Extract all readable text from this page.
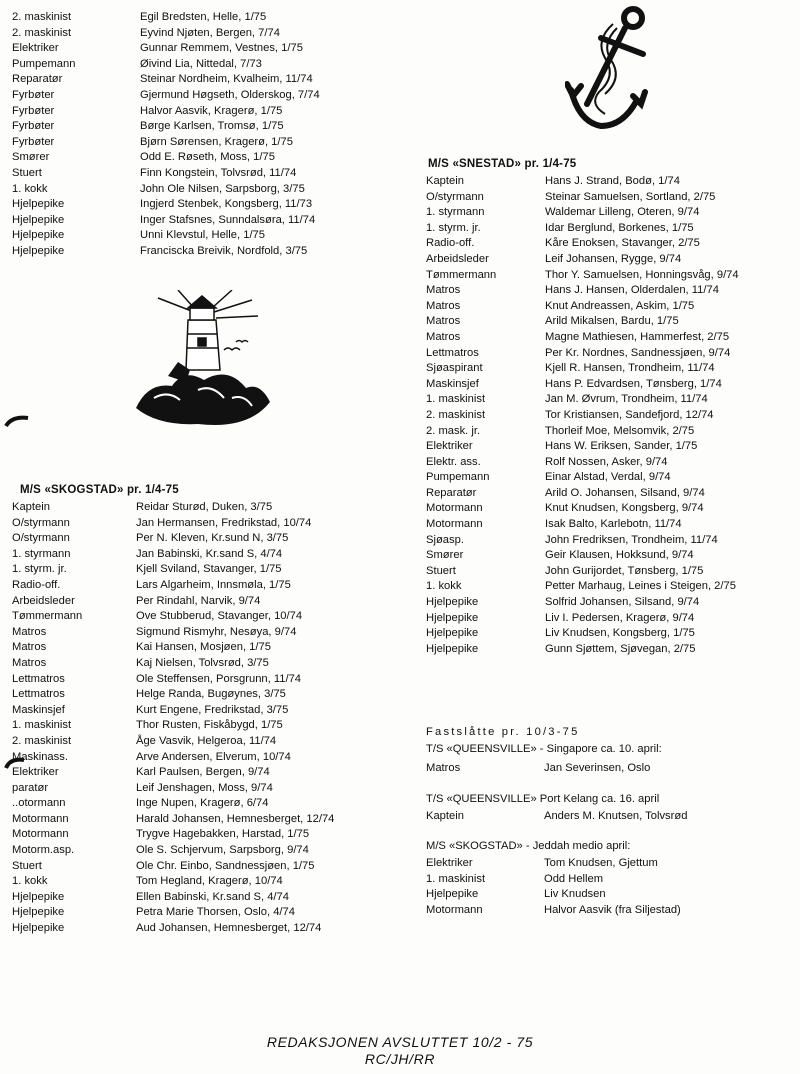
2. maskinist	Egil Bredsten, Helle, 1/75
2. maskinist	Eyvind Njøten, Bergen, 7/74
Elektriker	Gunnar Remmem, Vestnes, 1/75
Pumpemann	Øivind Lia, Nittedal, 7/73
Reparatør	Steinar Nordheim, Kvalheim, 11/74
Fyrbøter	Gjermund Høgseth, Olderskog, 7/74
Fyrbøter	Halvor Aasvik, Kragerø, 1/75
Fyrbøter	Børge Karlsen, Tromsø, 1/75
Fyrbøter	Bjørn Sørensen, Kragerø, 1/75
Smører	Odd E. Røseth, Moss, 1/75
Stuert	Finn Kongstein, Tolvsrød, 11/74
1. kokk	John Ole Nilsen, Sarpsborg, 3/75
Hjelpepike	Ingjerd Stenbek, Kongsberg, 11/73
Hjelpepike	Inger Stafsnes, Sunndalsøra, 11/74
Hjelpepike	Unni Klevstul, Helle, 1/75
Hjelpepike	Franciscka Breivik, Nordfold, 3/75
M/S «SNESTAD» pr. 1/4-75
Kaptein	Hans J. Strand, Bodø, 1/74
O/styrmann	Steinar Samuelsen, Sortland, 2/75
1. styrmann	Waldemar Lilleng, Oteren, 9/74
1. styrm. jr.	Idar Berglund, Borkenes, 1/75
Radio-off.	Kåre Enoksen, Stavanger, 2/75
Arbeidsleder	Leif Johansen, Rygge, 9/74
Tømmermann	Thor Y. Samuelsen, Honningsvåg, 9/74
Matros	Hans J. Hansen, Olderdalen, 11/74
Matros	Knut Andreassen, Askim, 1/75
Matros	Arild Mikalsen, Bardu, 1/75
Matros	Magne Mathiesen, Hammerfest, 2/75
Lettmatros	Per Kr. Nordnes, Sandnessjøen, 9/74
Sjøaspirant	Kjell R. Hansen, Trondheim, 11/74
Maskinsjef	Hans P. Edvardsen, Tønsberg, 1/74
1. maskinist	Jan M. Øvrum, Trondheim, 11/74
2. maskinist	Tor Kristiansen, Sandefjord, 12/74
2. mask. jr.	Thorleif Moe, Melsomvik, 2/75
Elektriker	Hans W. Eriksen, Sander, 1/75
Elektr. ass.	Rolf Nossen, Asker, 9/74
Pumpemann	Einar Alstad, Verdal, 9/74
Reparatør	Arild O. Johansen, Silsand, 9/74
Motormann	Knut Knudsen, Kongsberg, 9/74
Motormann	Isak Balto, Karlebotn, 11/74
Sjøasp.	John Fredriksen, Trondheim, 11/74
Smører	Geir Klausen, Hokksund, 9/74
Stuert	John Gurijordet, Tønsberg, 1/75
1. kokk	Petter Marhaug, Leines i Steigen, 2/75
Hjelpepike	Solfrid Johansen, Silsand, 9/74
Hjelpepike	Liv I. Pedersen, Kragerø, 9/74
Hjelpepike	Liv Knudsen, Kongsberg, 1/75
Hjelpepike	Gunn Sjøttem, Sjøvegan, 2/75
M/S «SKOGSTAD» pr. 1/4-75
Kaptein	Reidar Sturød, Duken, 3/75
O/styrmann	Jan Hermansen, Fredrikstad, 10/74
O/styrmann	Per N. Kleven, Kr.sund N, 3/75
1. styrmann	Jan Babinski, Kr.sand S, 4/74
1. styrm. jr.	Kjell Sviland, Stavanger, 1/75
Radio-off.	Lars Algarheim, Innsmøla, 1/75
Arbeidsleder	Per Rindahl, Narvik, 9/74
Tømmermann	Ove Stubberud, Stavanger, 10/74
Matros	Sigmund Rismyhr, Nesøya, 9/74
Matros	Kai Hansen, Mosjøen, 1/75
Matros	Kaj Nielsen, Tolvsrød, 3/75
Lettmatros	Ole Steffensen, Porsgrunn, 11/74
Lettmatros	Helge Randa, Bugøynes, 3/75
Maskinsjef	Kurt Engene, Fredrikstad, 3/75
1. maskinist	Thor Rusten, Fiskåbygd, 1/75
2. maskinist	Åge Vasvik, Helgeroa, 11/74
Maskinass.	Arve Andersen, Elverum, 10/74
Elektriker	Karl Paulsen, Bergen, 9/74
paratør	Leif Jenshagen, Moss, 9/74
..otormann	Inge Nupen, Kragerø, 6/74
Motormann	Harald Johansen, Hemnesberget, 12/74
Motormann	Trygve Hagebakken, Harstad, 1/75
Motorm.asp.	Ole S. Schjervum, Sarpsborg, 9/74
Stuert	Ole Chr. Einbo, Sandnessjøen, 1/75
1. kokk	Tom Hegland, Kragerø, 10/74
Hjelpepike	Ellen Babinski, Kr.sand S, 4/74
Hjelpepike	Petra Marie Thorsen, Oslo, 4/74
Hjelpepike	Aud Johansen, Hemnesberget, 12/74
Fastslåtte pr. 10/3-75
T/S «QUEENSVILLE» - Singapore ca. 10. april:
Matros	Jan Severinsen, Oslo
T/S «QUEENSVILLE» Port Kelang ca. 16. april
Kaptein	Anders M. Knutsen, Tolvsrød
M/S «SKOGSTAD» - Jeddah medio april:
Elektriker	Tom Knudsen, Gjettum
1. maskinist	Odd Hellem
Hjelpepike	Liv Knudsen
Motormann	Halvor Aasvik (fra Siljestad)
REDAKSJONEN AVSLUTTET 10/2 - 75
RC/JH/RR
